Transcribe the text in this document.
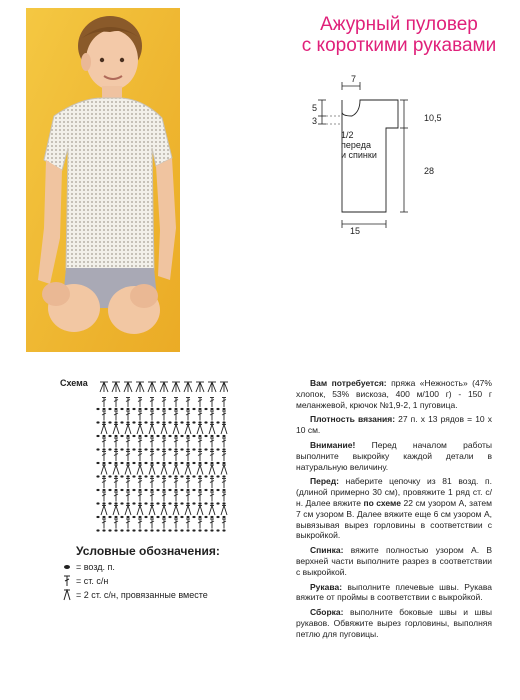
Ажурный пуловер
с короткими рукавами
7
5
3	10,5
28
15
1/2
переда
и спинки
Схема
Условные обозначения:
= возд. п.
= ст. с/н
= 2 ст. с/н, провязанные вместе

Вам потребуется: пряжа «Нежность» (47% хлопок, 53% вискоза, 400 м/100 г) - 150 г меланжевой, крючок №1,9-2, 1 пуговица.

Плотность вязания: 27 п. х 13 рядов = 10 х 10 см.

Внимание! Перед началом работы выполните выкройку каждой детали в натуральную величину.

Перед: наберите цепочку из 81 возд. п. (длиной примерно 30 см), провяжите 1 ряд ст. с/н. Далее вяжите по схеме 22 см узором А, затем 7 см узором В. Далее вяжите еще 6 см узором А, вывязывая вырез горловины в соответствии с выкройкой.

Спинка: вяжите полностью узором А. В верхней части выполните разрез в соответствии с выкройкой.

Рукава: выполните плечевые швы. Рукава вяжите от проймы в соответствии с выкройкой.

Сборка: выполните боковые швы и швы рукавов. Обвяжите вырез горловины, выполняя петлю для пуговицы.
